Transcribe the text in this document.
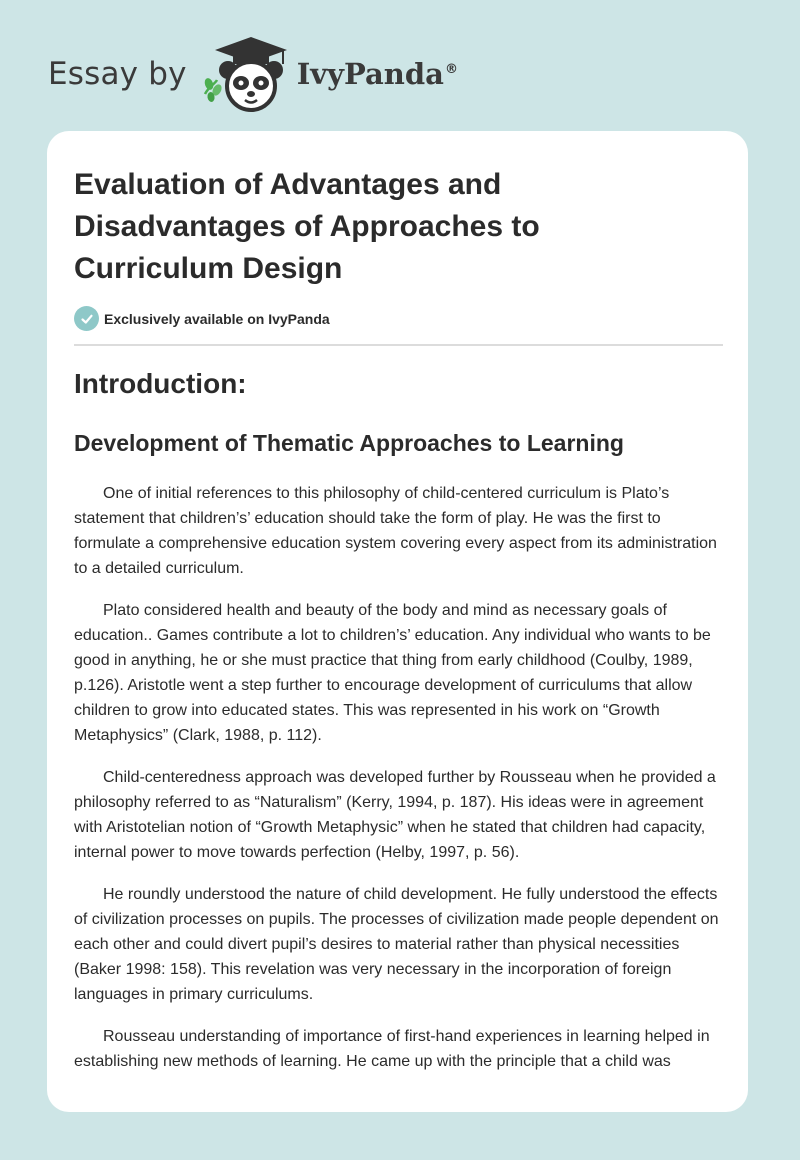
Essay by	IvyPanda®
Evaluation of Advantages and Disadvantages of Approaches to Curriculum Design
Exclusively available on IvyPanda
Introduction:
Development of Thematic Approaches to Learning

One of initial references to this philosophy of child-centered curriculum is Plato’s statement that children’s’ education should take the form of play. He was the first to formulate a comprehensive education system covering every aspect from its administration to a detailed curriculum.

Plato considered health and beauty of the body and mind as necessary goals of education.. Games contribute a lot to children’s’ education. Any individual who wants to be good in anything, he or she must practice that thing from early childhood (Coulby, 1989, p.126). Aristotle went a step further to encourage development of curriculums that allow children to grow into educated states. This was represented in his work on “Growth Metaphysics” (Clark, 1988, p. 112).

Child-centeredness approach was developed further by Rousseau when he provided a philosophy referred to as “Naturalism” (Kerry, 1994, p. 187). His ideas were in agreement with Aristotelian notion of “Growth Metaphysic” when he stated that children had capacity, internal power to move towards perfection (Helby, 1997, p. 56).

He roundly understood the nature of child development. He fully understood the effects of civilization processes on pupils. The processes of civilization made people dependent on each other and could divert pupil’s desires to material rather than physical necessities (Baker 1998: 158). This revelation was very necessary in the incorporation of foreign languages in primary curriculums.

Rousseau understanding of importance of first-hand experiences in learning helped in establishing new methods of learning. He came up with the principle that a child was
